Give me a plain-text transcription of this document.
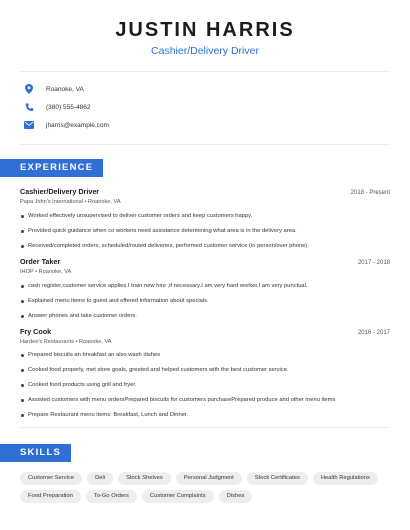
JUSTIN HARRIS
Cashier/Delivery Driver
Roanoke, VA
(380) 555-4862
jharris@example.com
EXPERIENCE
Cashier/Delivery Driver	2018 - Present
Papa John's International • Roanoke, VA
Worked effectively unsupervised to deliver customer orders and keep customers happy.
Provided quick guidance when co workers need assistance determining what area is in the delivery area.
Received/completed orders, scheduled/routed deliveries, performed customer service (in person/over phone).
Order Taker	2017 - 2018
IHOP • Roanoke, VA
cash register,customer service applies.I train new hire ,if necessary.I am very hard worker.I am very punctual.
Explained menu items to guest and offered information about specials.
Answer phones and take customer orders.
Fry Cook	2016 - 2017
Hardee's Restaurants • Roanoke, VA
Prepared biscuits an breakfast an also wash dishes
Cooked food properly, met store goals, greeted and helped customers with the best customer service.
Cooked food products using grill and fryer.
Assisted customers with menu ordersPrepared biscuits for customers purchasePrepared produce and other menu items
Prepare Restaurant menu items: Breakfast, Lunch and Dinner.
SKILLS
Customer Service	Deli	Stock Shelves	Personal Judgment	Stock Certificates	Health Regulations
Food Preparation	To-Go Orders	Customer Complaints	Dishes
